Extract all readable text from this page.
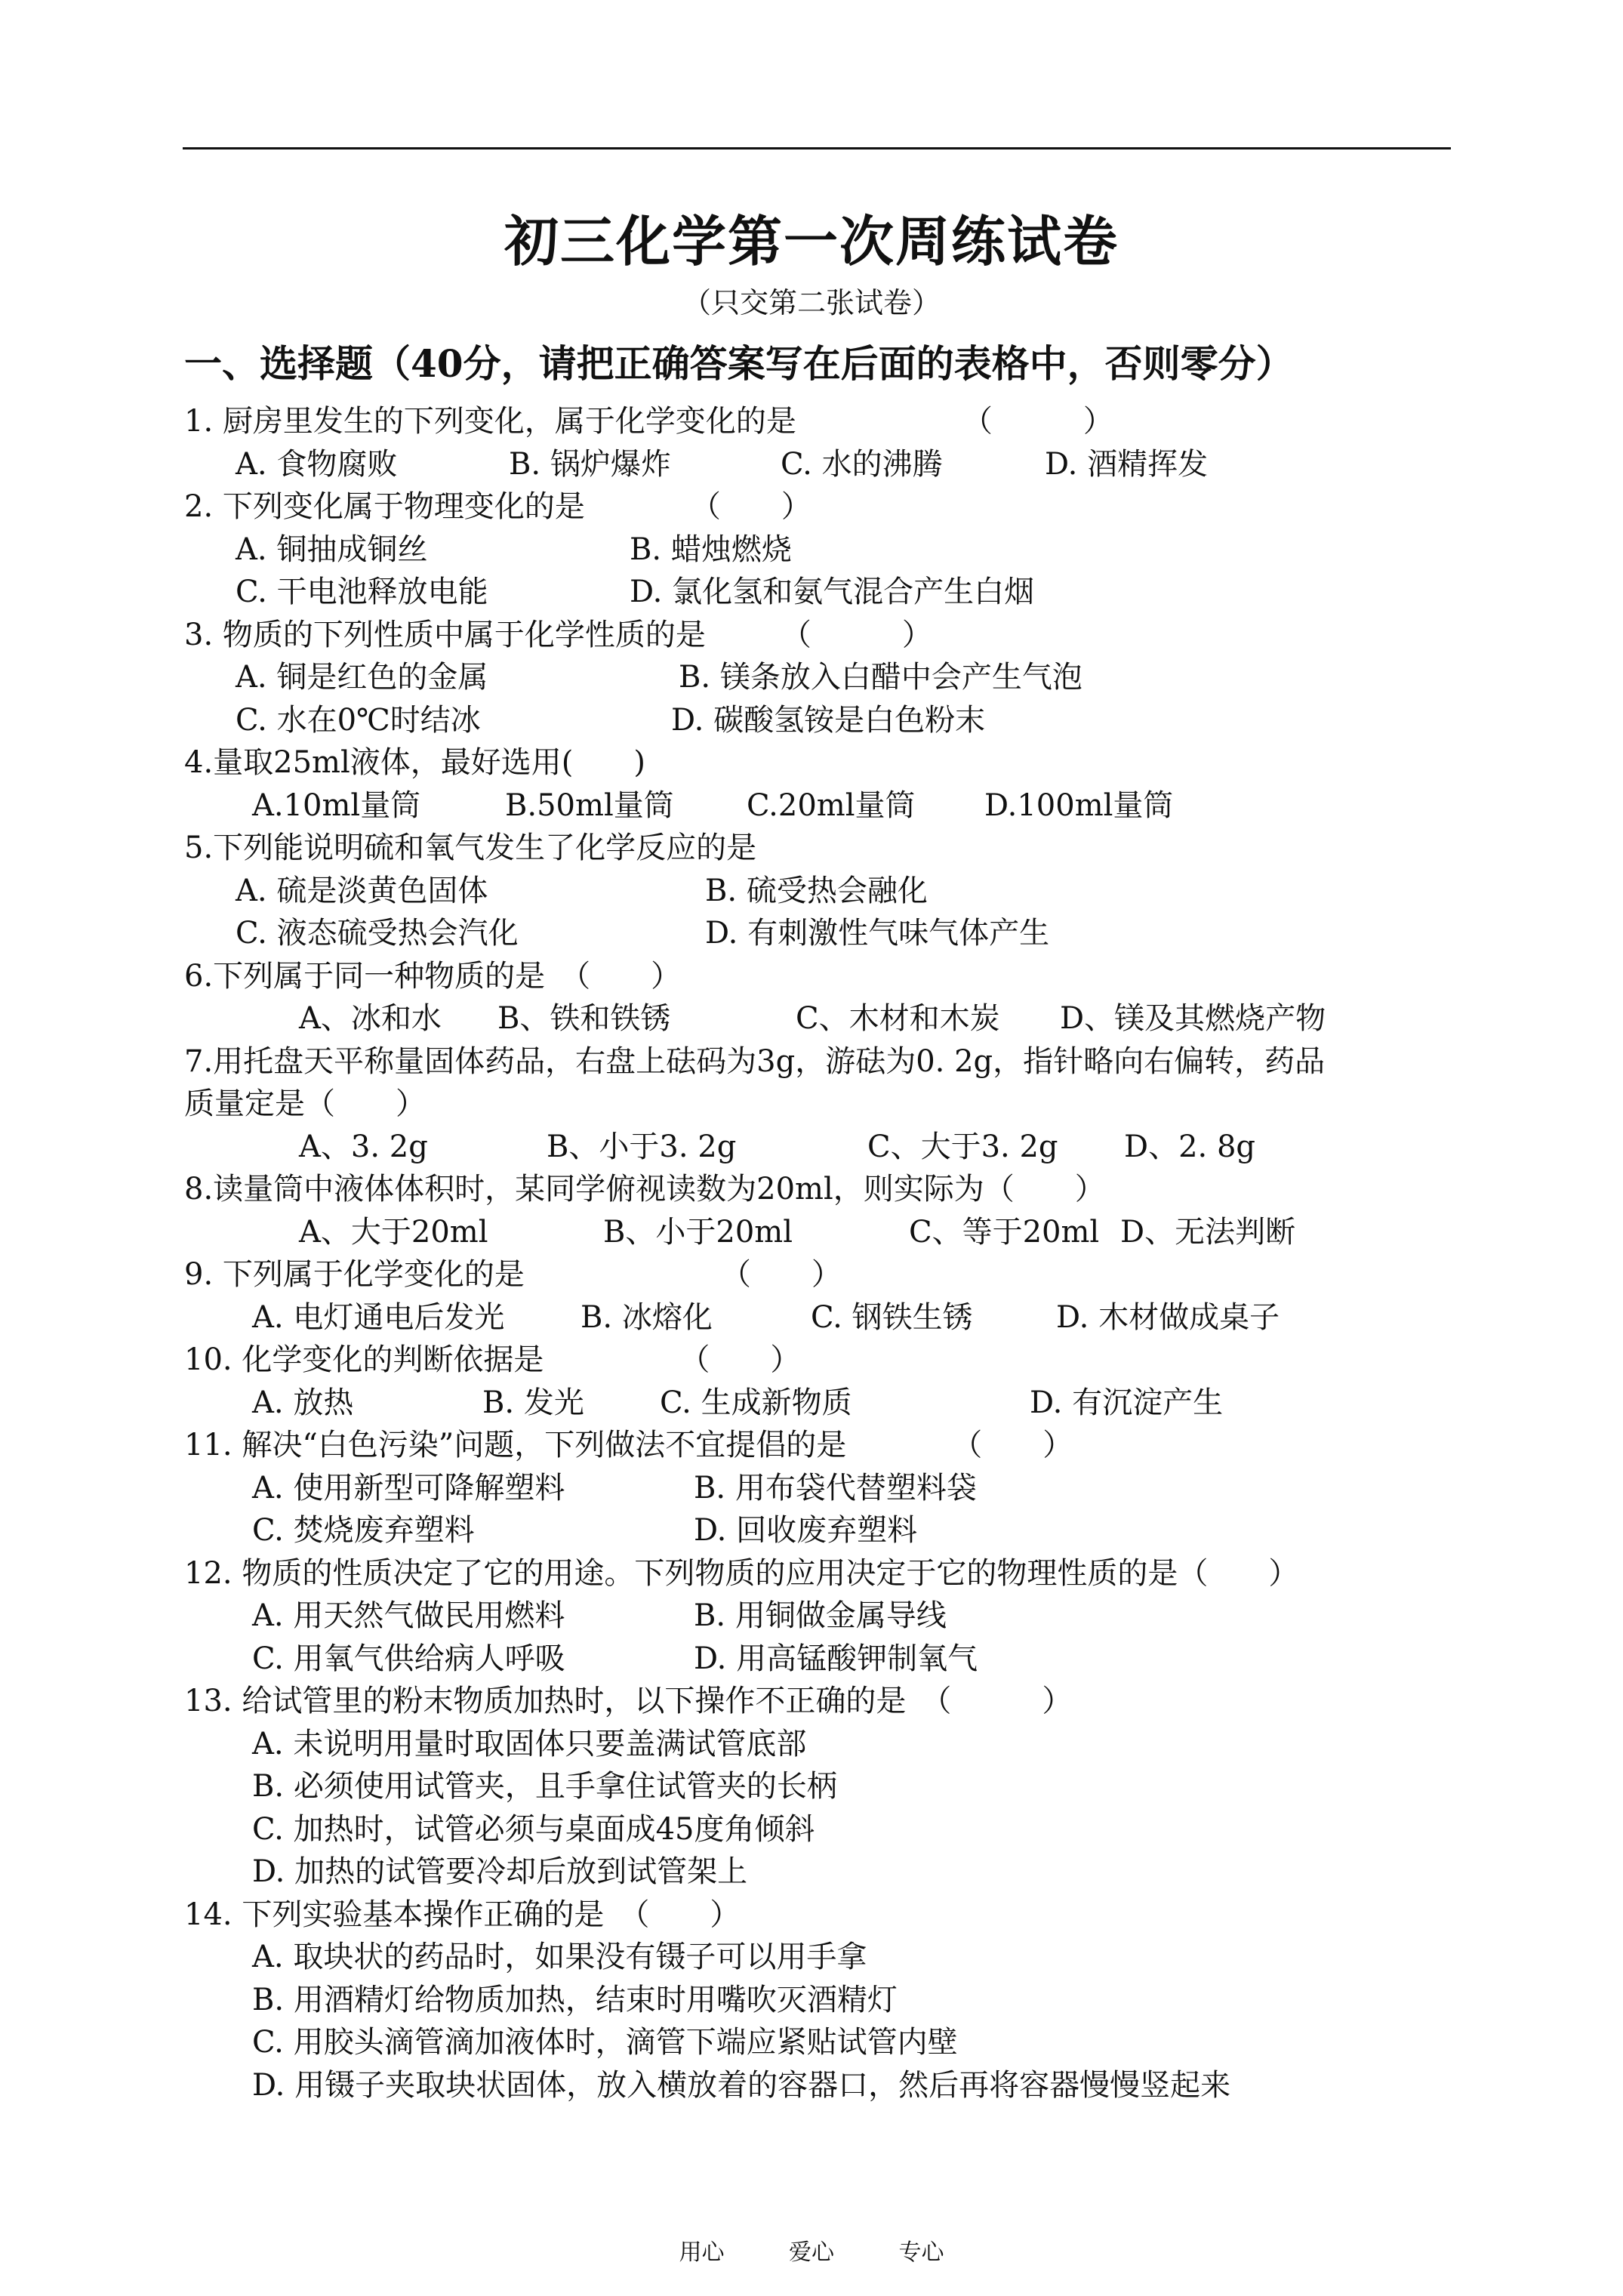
初三化学第一次周练试卷
（只交第二张试卷）
一、选择题（40分，请把正确答案写在后面的表格中，否则零分）
1. 厨房里发生的下列变化，属于化学变化的是　　　　　　（　　　）
A. 食物腐败	B. 锅炉爆炸	C. 水的沸腾	D. 酒精挥发
2. 下列变化属于物理变化的是　　　　（　　）
A. 铜抽成铜丝	B. 蜡烛燃烧
C. 干电池释放电能	D. 氯化氢和氨气混合产生白烟
3. 物质的下列性质中属于化学性质的是　　　（　　　）
A. 铜是红色的金属	B. 镁条放入白醋中会产生气泡
C. 水在0℃时结冰	D. 碳酸氢铵是白色粉末
4.量取25ml液体，最好选用(　　)
A.10ml量筒	B.50ml量筒 C.20ml量筒 D.100ml量筒
5.下列能说明硫和氧气发生了化学反应的是
A. 硫是淡黄色固体	B. 硫受热会融化
C. 液态硫受热会汽化	D. 有刺激性气味气体产生
6.下列属于同一种物质的是　（　　）
A、冰和水 B、铁和铁锈	C、木材和木炭 D、镁及其燃烧产物
7.用托盘天平称量固体药品，右盘上砝码为3g，游砝为0. 2g，指针略向右偏转，药品
质量定是（　　）
A、3. 2g	B、小于3. 2g	C、大于3. 2g D、2. 8g
8.读量筒中液体体积时，某同学俯视读数为20ml，则实际为（　　）
A、大于20ml	B、小于20ml	C、等于20ml D、无法判断
9. 下列属于化学变化的是　　　　　　　（　　）
A. 电灯通电后发光	B. 冰熔化	C. 钢铁生锈	D. 木材做成桌子
10. 化学变化的判断依据是　　　　　（　　）
A. 放热	B. 发光	C. 生成新物质	D. 有沉淀产生
11. 解决“白色污染”问题，下列做法不宜提倡的是　　　　（　　）
A. 使用新型可降解塑料	B. 用布袋代替塑料袋
C. 焚烧废弃塑料	D. 回收废弃塑料
12. 物质的性质决定了它的用途。下列物质的应用决定于它的物理性质的是（　　）
A. 用天然气做民用燃料	B. 用铜做金属导线
C. 用氧气供给病人呼吸	D. 用高锰酸钾制氧气
13. 给试管里的粉末物质加热时，以下操作不正确的是　（　　　）
A. 未说明用量时取固体只要盖满试管底部
B. 必须使用试管夹，且手拿住试管夹的长柄
C. 加热时，试管必须与桌面成45度角倾斜
D. 加热的试管要冷却后放到试管架上
14. 下列实验基本操作正确的是　（　　）
A. 取块状的药品时，如果没有镊子可以用手拿
B. 用酒精灯给物质加热，结束时用嘴吹灭酒精灯
C. 用胶头滴管滴加液体时，滴管下端应紧贴试管内壁
D. 用镊子夹取块状固体，放入横放着的容器口，然后再将容器慢慢竖起来
用心	爱心	专心
